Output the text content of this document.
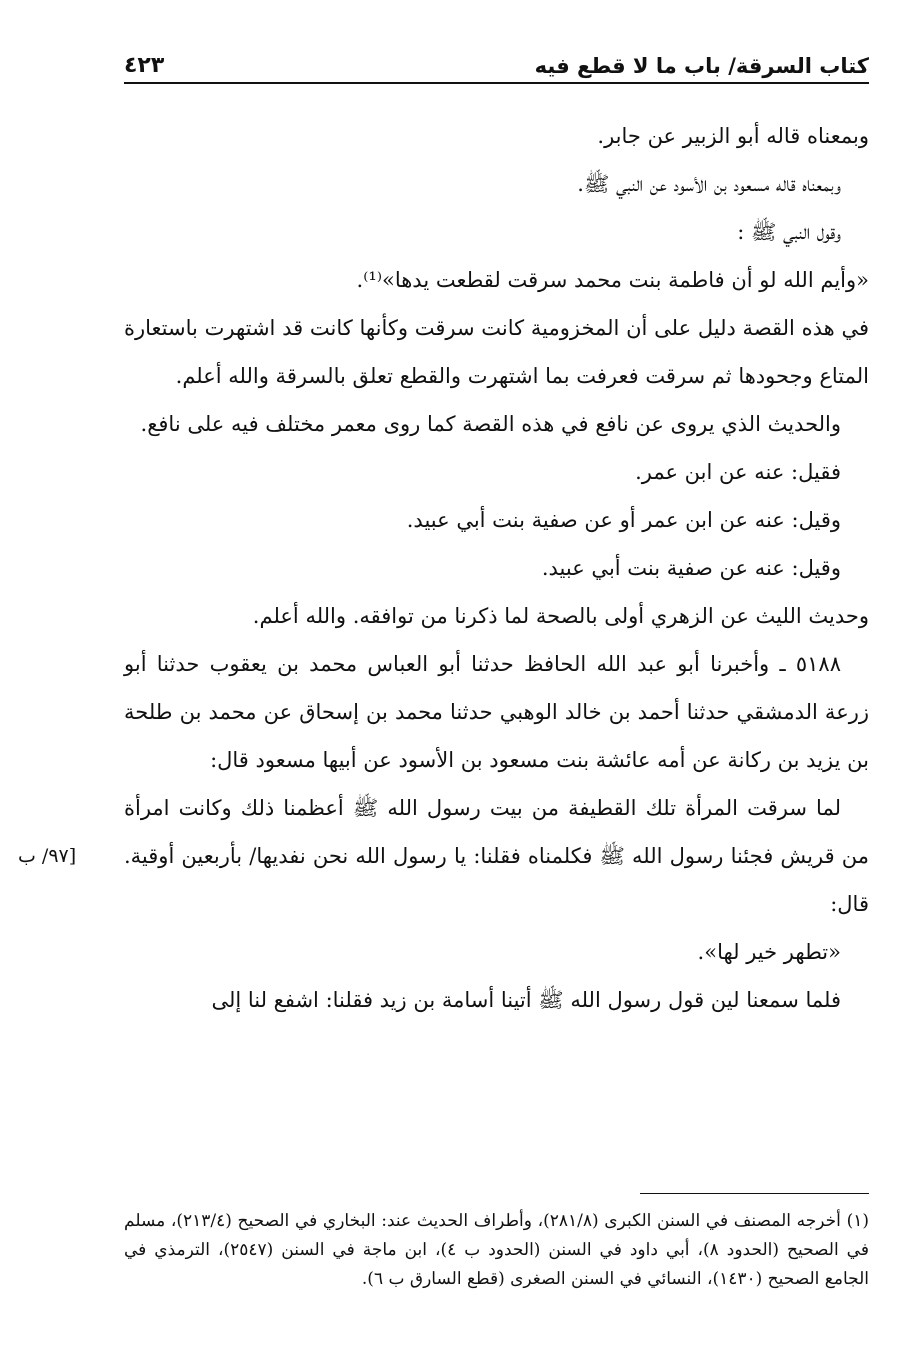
كتاب السرقة/ باب ما لا قطع فيه
٤٢٣

وبمعناه قاله أبو الزبير عن جابر.

وبمعناه قاله مسعود بن الأسود عن النبي ﷺ.

وقول النبي ﷺ :

«وأيم الله لو أن فاطمة بنت محمد سرقت لقطعت يدها»⁽¹⁾.

في هذه القصة دليل على أن المخزومية كانت سرقت وكأنها كانت قد اشتهرت باستعارة المتاع وجحودها ثم سرقت فعرفت بما اشتهرت والقطع تعلق بالسرقة والله أعلم.

والحديث الذي يروى عن نافع في هذه القصة كما روى معمر مختلف فيه على نافع.

فقيل: عنه عن ابن عمر.

وقيل: عنه عن ابن عمر أو عن صفية بنت أبي عبيد.

وقيل: عنه عن صفية بنت أبي عبيد.

وحديث الليث عن الزهري أولى بالصحة لما ذكرنا من توافقه. والله أعلم.

٥١٨٨ ـ وأخبرنا أبو عبد الله الحافظ حدثنا أبو العباس محمد بن يعقوب حدثنا أبو زرعة الدمشقي حدثنا أحمد بن خالد الوهبي حدثنا محمد بن إسحاق عن محمد بن طلحة بن يزيد بن ركانة عن أمه عائشة بنت مسعود بن الأسود عن أبيها مسعود قال:

لما سرقت المرأة تلك القطيفة من بيت رسول الله ﷺ أعظمنا ذلك وكانت امرأة من قريش فجئنا رسول الله ﷺ فكلمناه فقلنا: يا رسول الله نحن نفديها/ بأربعين أوقية. قال:
[٩٧/ ب

«تطهر خير لها».

فلما سمعنا لين قول رسول الله ﷺ أتينا أسامة بن زيد فقلنا: اشفع لنا إلى

(١) أخرجه المصنف في السنن الكبرى (٢٨١/٨)، وأطراف الحديث عند: البخاري في الصحيح (٢١٣/٤)، مسلم في الصحيح (الحدود ٨)، أبي داود في السنن (الحدود ب ٤)، ابن ماجة في السنن (٢٥٤٧)، الترمذي في الجامع الصحيح (١٤٣٠)، النسائي في السنن الصغرى (قطع السارق ب ٦).
